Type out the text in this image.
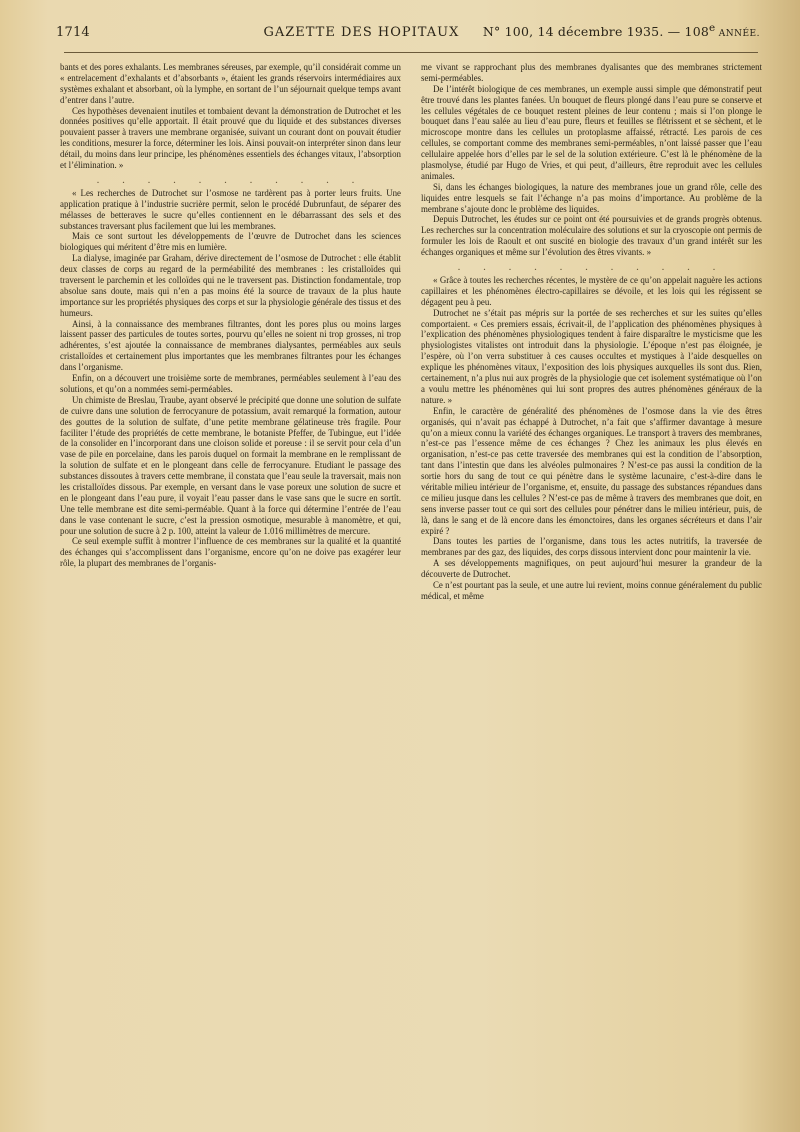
1714	GAZETTE DES HOPITAUX N° 100, 14 décembre 1935. — 108e ANNÉE.

bants et des pores exhalants. Les membranes séreuses, par exemple, qu’il considérait comme un « entrelacement d’exhalants et d’absorbants », étaient les grands réservoirs intermédiaires aux systèmes exhalant et absorbant, où la lymphe, en sortant de l’un séjournait quelque temps avant d’entrer dans l’autre.

Ces hypothèses devenaient inutiles et tombaient devant la démonstration de Dutrochet et les données positives qu’elle apportait. Il était prouvé que du liquide et des substances diverses pouvaient passer à travers une membrane organisée, suivant un courant dont on pouvait étudier les conditions, mesurer la force, déterminer les lois. Ainsi pouvait-on interpréter sinon dans leur détail, du moins dans leur principe, les phénomènes essentiels des échanges vitaux, l’absorption et l’élimination. »

. . . . . . . . . . .

« Les recherches de Dutrochet sur l’osmose ne tardèrent pas à porter leurs fruits. Une application pratique à l’industrie sucrière permit, selon le procédé Dubrunfaut, de séparer des mélasses de betteraves le sucre qu’elles contiennent en le débarrassant des sels et des substances traversant plus facilement que lui les membranes.

Mais ce sont surtout les développements de l’œuvre de Dutrochet dans les sciences biologiques qui méritent d’être mis en lumière.

La dialyse, imaginée par Graham, dérive directement de l’osmose de Dutrochet : elle établit deux classes de corps au regard de la perméabilité des membranes : les cristalloïdes qui traversent le parchemin et les colloïdes qui ne le traversent pas. Distinction fondamentale, trop absolue sans doute, mais qui n’en a pas moins été la source de travaux de la plus haute importance sur les propriétés physiques des corps et sur la physiologie générale des tissus et des humeurs.

Ainsi, à la connaissance des membranes filtrantes, dont les pores plus ou moins larges laissent passer des particules de toutes sortes, pourvu qu’elles ne soient ni trop grosses, ni trop adhérentes, s’est ajoutée la connaissance de membranes dialysantes, perméables aux seuls cristalloïdes et certainement plus importantes que les membranes filtrantes pour les échanges dans l’organisme.

Enfin, on a découvert une troisième sorte de membranes, perméables seulement à l’eau des solutions, et qu’on a nommées semi-perméables.

Un chimiste de Breslau, Traube, ayant observé le précipité que donne une solution de sulfate de cuivre dans une solution de ferrocyanure de potassium, avait remarqué la formation, autour des gouttes de la solution de sulfate, d’une petite membrane gélatineuse très fragile. Pour faciliter l’étude des propriétés de cette membrane, le botaniste Pfeffer, de Tubingue, eut l’idée de la consolider en l’incorporant dans une cloison solide et poreuse : il se servit pour cela d’un vase de pile en porcelaine, dans les parois duquel on formait la membrane en le remplissant de la solution de sulfate et en le plongeant dans celle de ferrocyanure. Etudiant le passage des substances dissoutes à travers cette membrane, il constata que l’eau seule la traversait, mais non les cristalloïdes dissous. Par exemple, en versant dans le vase poreux une solution de sucre et en le plongeant dans l’eau pure, il voyait l’eau passer dans le vase sans que le sucre en sortît. Une telle membrane est dite semi-perméable. Quant à la force qui détermine l’entrée de l’eau dans le vase contenant le sucre, c’est la pression osmotique, mesurable à manomètre, et qui, pour une solution de sucre à 2 p. 100, atteint la valeur de 1.016 millimètres de mercure.

Ce seul exemple suffit à montrer l’influence de ces membranes sur la qualité et la quantité des échanges qui s’accomplissent dans l’organisme, encore qu’on ne doive pas exagérer leur rôle, la plupart des membranes de l’organis-

me vivant se rapprochant plus des membranes dyalisantes que des membranes strictement semi-perméables.

De l’intérêt biologique de ces membranes, un exemple aussi simple que démonstratif peut être trouvé dans les plantes fanées. Un bouquet de fleurs plongé dans l’eau pure se conserve et les cellules végétales de ce bouquet restent pleines de leur contenu ; mais si l’on plonge le bouquet dans l’eau salée au lieu d’eau pure, fleurs et feuilles se flétrissent et se sèchent, et le microscope montre dans les cellules un protoplasme affaissé, rétracté. Les parois de ces cellules, se comportant comme des membranes semi-perméables, n’ont laissé passer que l’eau cellulaire appelée hors d’elles par le sel de la solution extérieure. C’est là le phénomène de la plasmolyse, étudié par Hugo de Vries, et qui peut, d’ailleurs, être reproduit avec les cellules animales.

Si, dans les échanges biologiques, la nature des membranes joue un grand rôle, celle des liquides entre lesquels se fait l’échange n’a pas moins d’importance. Au problème de la membrane s’ajoute donc le problème des liquides.

Depuis Dutrochet, les études sur ce point ont été poursuivies et de grands progrès obtenus. Les recherches sur la concentration moléculaire des solutions et sur la cryoscopie ont permis de formuler les lois de Raoult et ont suscité en biologie des travaux d’un grand intérêt sur les échanges organiques et même sur l’évolution des êtres vivants. »

. . . . . . . . . . .

« Grâce à toutes les recherches récentes, le mystère de ce qu’on appelait naguère les actions capillaires et les phénomènes électro-capillaires se dévoile, et les lois qui les régissent se dégagent peu à peu.

Dutrochet ne s’était pas mépris sur la portée de ses recherches et sur les suites qu’elles comportaient. « Ces premiers essais, écrivait-il, de l’application des phénomènes physiques à l’explication des phénomènes physiologiques tendent à faire disparaître le mysticisme que les physiologistes vitalistes ont introduit dans la physiologie. L’époque n’est pas éloignée, je l’espère, où l’on verra substituer à ces causes occultes et mystiques à l’aide desquelles on explique les phénomènes vitaux, l’exposition des lois physiques auxquelles ils sont dus. Rien, certainement, n’a plus nui aux progrès de la physiologie que cet isolement systématique où l’on a voulu mettre les phénomènes qui lui sont propres des autres phénomènes généraux de la nature. »

Enfin, le caractère de généralité des phénomènes de l’osmose dans la vie des êtres organisés, qui n’avait pas échappé à Dutrochet, n’a fait que s’affirmer davantage à mesure qu’on a mieux connu la variété des échanges organiques. Le transport à travers des membranes, n’est-ce pas l’essence même de ces échanges ? Chez les animaux les plus élevés en organisation, n’est-ce pas cette traversée des membranes qui est la condition de l’absorption, tant dans l’intestin que dans les alvéoles pulmonaires ? N’est-ce pas aussi la condition de la sortie hors du sang de tout ce qui pénètre dans le système lacunaire, c’est-à-dire dans le véritable milieu intérieur de l’organisme, et, ensuite, du passage des substances répandues dans ce milieu jusque dans les cellules ? N’est-ce pas de même à travers des membranes que doit, en sens inverse passer tout ce qui sort des cellules pour pénétrer dans le milieu intérieur, puis, de là, dans le sang et de là encore dans les émonctoires, dans les organes sécréteurs et dans l’air expiré ?

Dans toutes les parties de l’organisme, dans tous les actes nutritifs, la traversée de membranes par des gaz, des liquides, des corps dissous intervient donc pour maintenir la vie.

A ses développements magnifiques, on peut aujourd’hui mesurer la grandeur de la découverte de Dutrochet.

Ce n’est pourtant pas la seule, et une autre lui revient, moins connue généralement du public médical, et même
